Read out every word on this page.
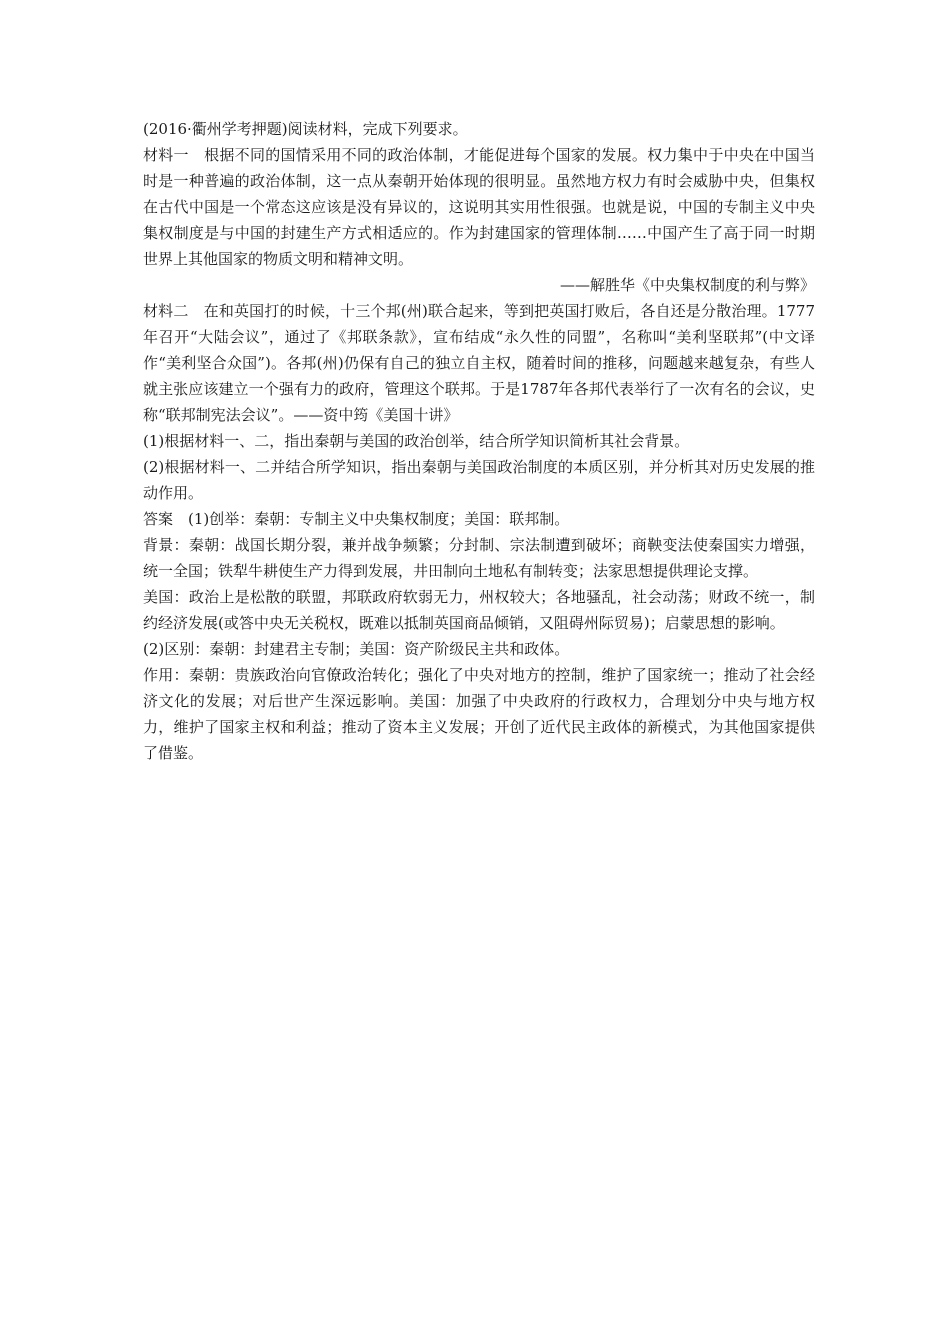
(2016·衢州学考押题)阅读材料，完成下列要求。

材料一　根据不同的国情采用不同的政治体制，才能促进每个国家的发展。权力集中于中央在中国当时是一种普遍的政治体制，这一点从秦朝开始体现的很明显。虽然地方权力有时会威胁中央，但集权在古代中国是一个常态这应该是没有异议的，这说明其实用性很强。也就是说，中国的专制主义中央集权制度是与中国的封建生产方式相适应的。作为封建国家的管理体制……中国产生了高于同一时期世界上其他国家的物质文明和精神文明。

——解胜华《中央集权制度的利与弊》

材料二　在和英国打的时候，十三个邦(州)联合起来，等到把英国打败后，各自还是分散治理。1777年召开“大陆会议”，通过了《邦联条款》，宣布结成“永久性的同盟”，名称叫“美利坚联邦”(中文译作“美利坚合众国”)。各邦(州)仍保有自己的独立自主权，随着时间的推移，问题越来越复杂，有些人就主张应该建立一个强有力的政府，管理这个联邦。于是1787年各邦代表举行了一次有名的会议，史称“联邦制宪法会议”。——资中筠《美国十讲》

(1)根据材料一、二，指出秦朝与美国的政治创举，结合所学知识简析其社会背景。

(2)根据材料一、二并结合所学知识，指出秦朝与美国政治制度的本质区别，并分析其对历史发展的推动作用。

答案　(1)创举：秦朝：专制主义中央集权制度；美国：联邦制。

背景：秦朝：战国长期分裂，兼并战争频繁；分封制、宗法制遭到破坏；商鞅变法使秦国实力增强，统一全国；铁犁牛耕使生产力得到发展，井田制向土地私有制转变；法家思想提供理论支撑。

美国：政治上是松散的联盟，邦联政府软弱无力，州权较大；各地骚乱，社会动荡；财政不统一，制约经济发展(或答中央无关税权，既难以抵制英国商品倾销，又阻碍州际贸易)；启蒙思想的影响。

(2)区别：秦朝：封建君主专制；美国：资产阶级民主共和政体。

作用：秦朝：贵族政治向官僚政治转化；强化了中央对地方的控制，维护了国家统一；推动了社会经济文化的发展；对后世产生深远影响。美国：加强了中央政府的行政权力，合理划分中央与地方权力，维护了国家主权和利益；推动了资本主义发展；开创了近代民主政体的新模式，为其他国家提供了借鉴。
